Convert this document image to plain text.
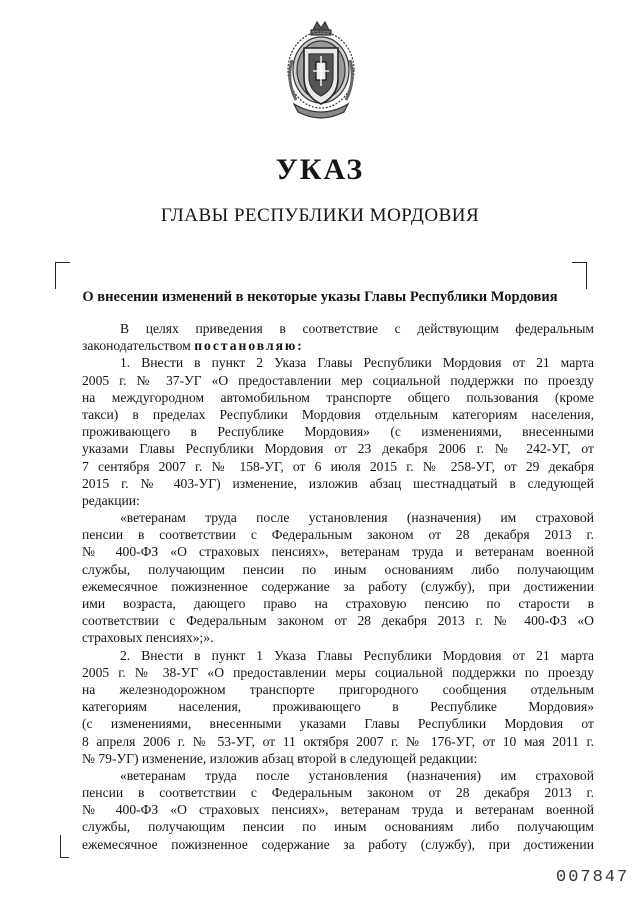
УКАЗ
ГЛАВЫ РЕСПУБЛИКИ МОРДОВИЯ
О внесении изменений в некоторые указы Главы Республики Мордовия
В целях приведения в соответствие с действующим федеральным
законодательством постановляю:
1. Внести в пункт 2 Указа Главы Республики Мордовия от 21 марта
2005 г. № 37-УГ «О предоставлении мер социальной поддержки по проезду
на междугородном автомобильном транспорте общего пользования (кроме
такси) в пределах Республики Мордовия отдельным категориям населения,
проживающего в Республике Мордовия» (с изменениями, внесенными
указами Главы Республики Мордовия от 23 декабря 2006 г. № 242-УГ, от
7 сентября 2007 г. № 158-УГ, от 6 июля 2015 г. № 258-УГ, от 29 декабря
2015 г. № 403-УГ) изменение, изложив абзац шестнадцатый в следующей
редакции:
«ветеранам труда после установления (назначения) им страховой
пенсии в соответствии с Федеральным законом от 28 декабря 2013 г.
№ 400-ФЗ «О страховых пенсиях», ветеранам труда и ветеранам военной
службы, получающим пенсии по иным основаниям либо получающим
ежемесячное пожизненное содержание за работу (службу), при достижении
ими возраста, дающего право на страховую пенсию по старости в
соответствии с Федеральным законом от 28 декабря 2013 г. № 400-ФЗ «О
страховых пенсиях»;».
2. Внести в пункт 1 Указа Главы Республики Мордовия от 21 марта
2005 г. № 38-УГ «О предоставлении меры социальной поддержки по проезду
на железнодорожном транспорте пригородного сообщения отдельным
категориям населения, проживающего в Республике Мордовия»
(с изменениями, внесенными указами Главы Республики Мордовия от
8 апреля 2006 г. № 53-УГ, от 11 октября 2007 г. № 176-УГ, от 10 мая 2011 г.
№ 79-УГ) изменение, изложив абзац второй в следующей редакции:
«ветеранам труда после установления (назначения) им страховой
пенсии в соответствии с Федеральным законом от 28 декабря 2013 г.
№ 400-ФЗ «О страховых пенсиях», ветеранам труда и ветеранам военной
службы, получающим пенсии по иным основаниям либо получающим
ежемесячное пожизненное содержание за работу (службу), при достижении
007847
